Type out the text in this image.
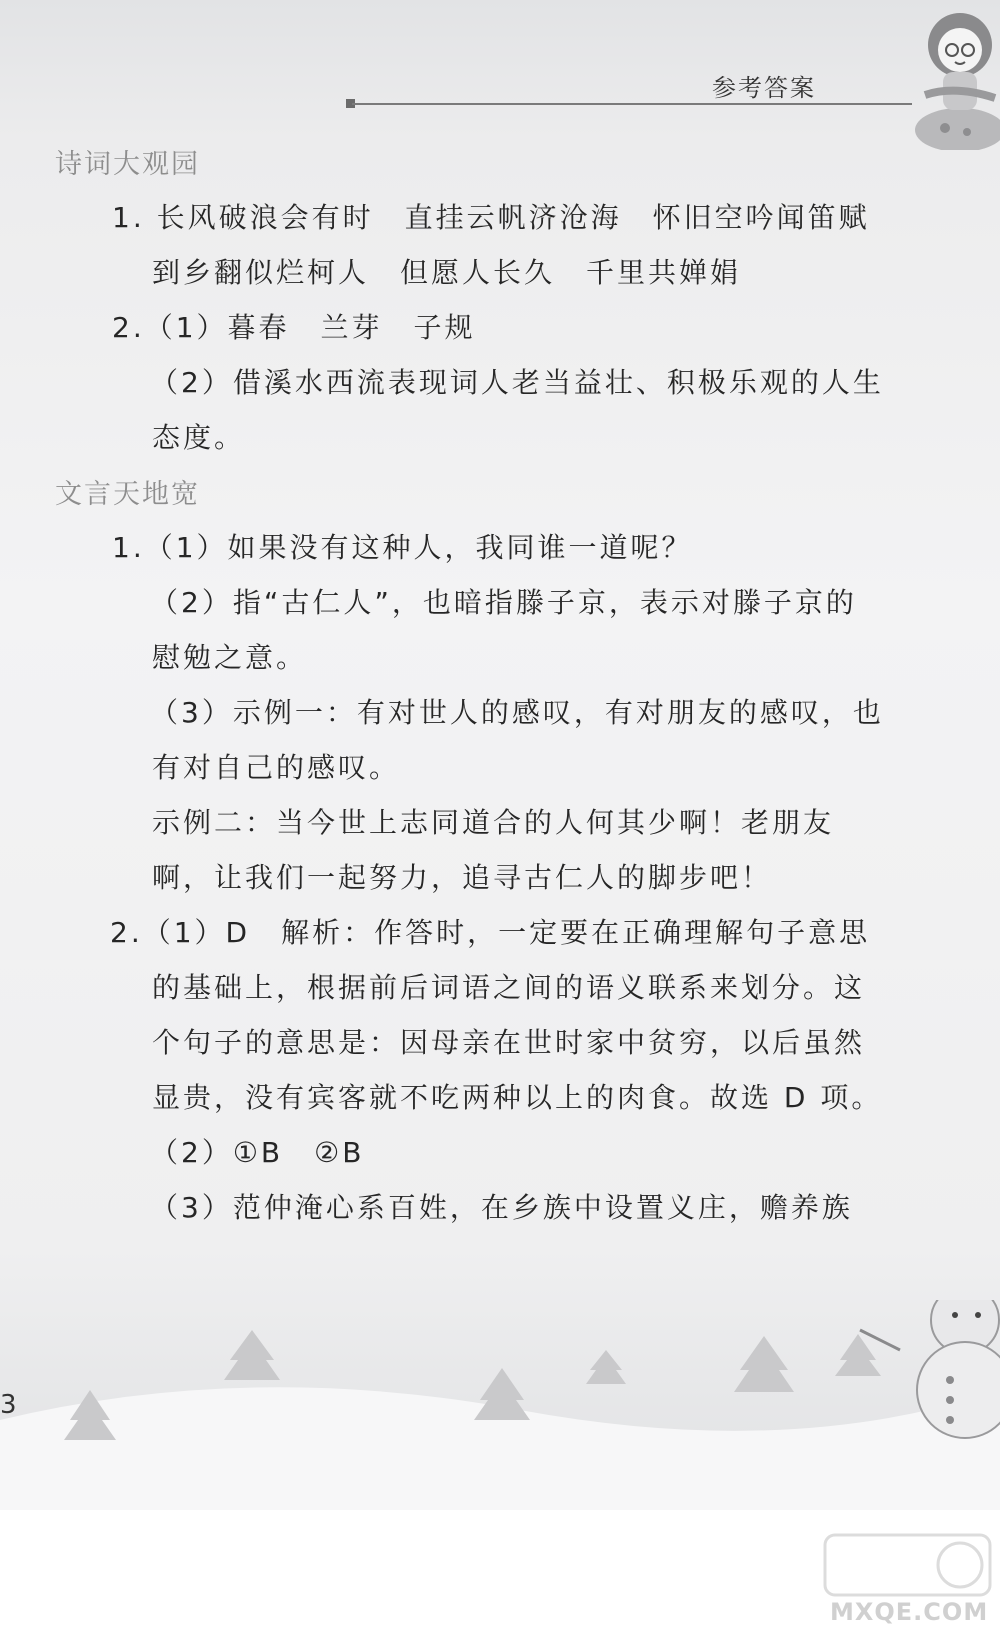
参考答案
诗词大观园
1. 长风破浪会有时　直挂云帆济沧海　怀旧空吟闻笛赋
到乡翻似烂柯人　但愿人长久　千里共婵娟
2.（1）暮春　兰芽　子规
（2）借溪水西流表现词人老当益壮、积极乐观的人生
态度。
文言天地宽
1.（1）如果没有这种人，我同谁一道呢？
（2）指“古仁人”，也暗指滕子京，表示对滕子京的
慰勉之意。
（3）示例一：有对世人的感叹，有对朋友的感叹，也
有对自己的感叹。
示例二：当今世上志同道合的人何其少啊！老朋友
啊，让我们一起努力，追寻古仁人的脚步吧！
2.（1）D　解析：作答时，一定要在正确理解句子意思
的基础上，根据前后词语之间的语义联系来划分。这
个句子的意思是：因母亲在世时家中贫穷，以后虽然
显贵，没有宾客就不吃两种以上的肉食。故选 D 项。
（2）①B　②B
（3）范仲淹心系百姓，在乡族中设置义庄，赡养族
3
MXQE.COM
